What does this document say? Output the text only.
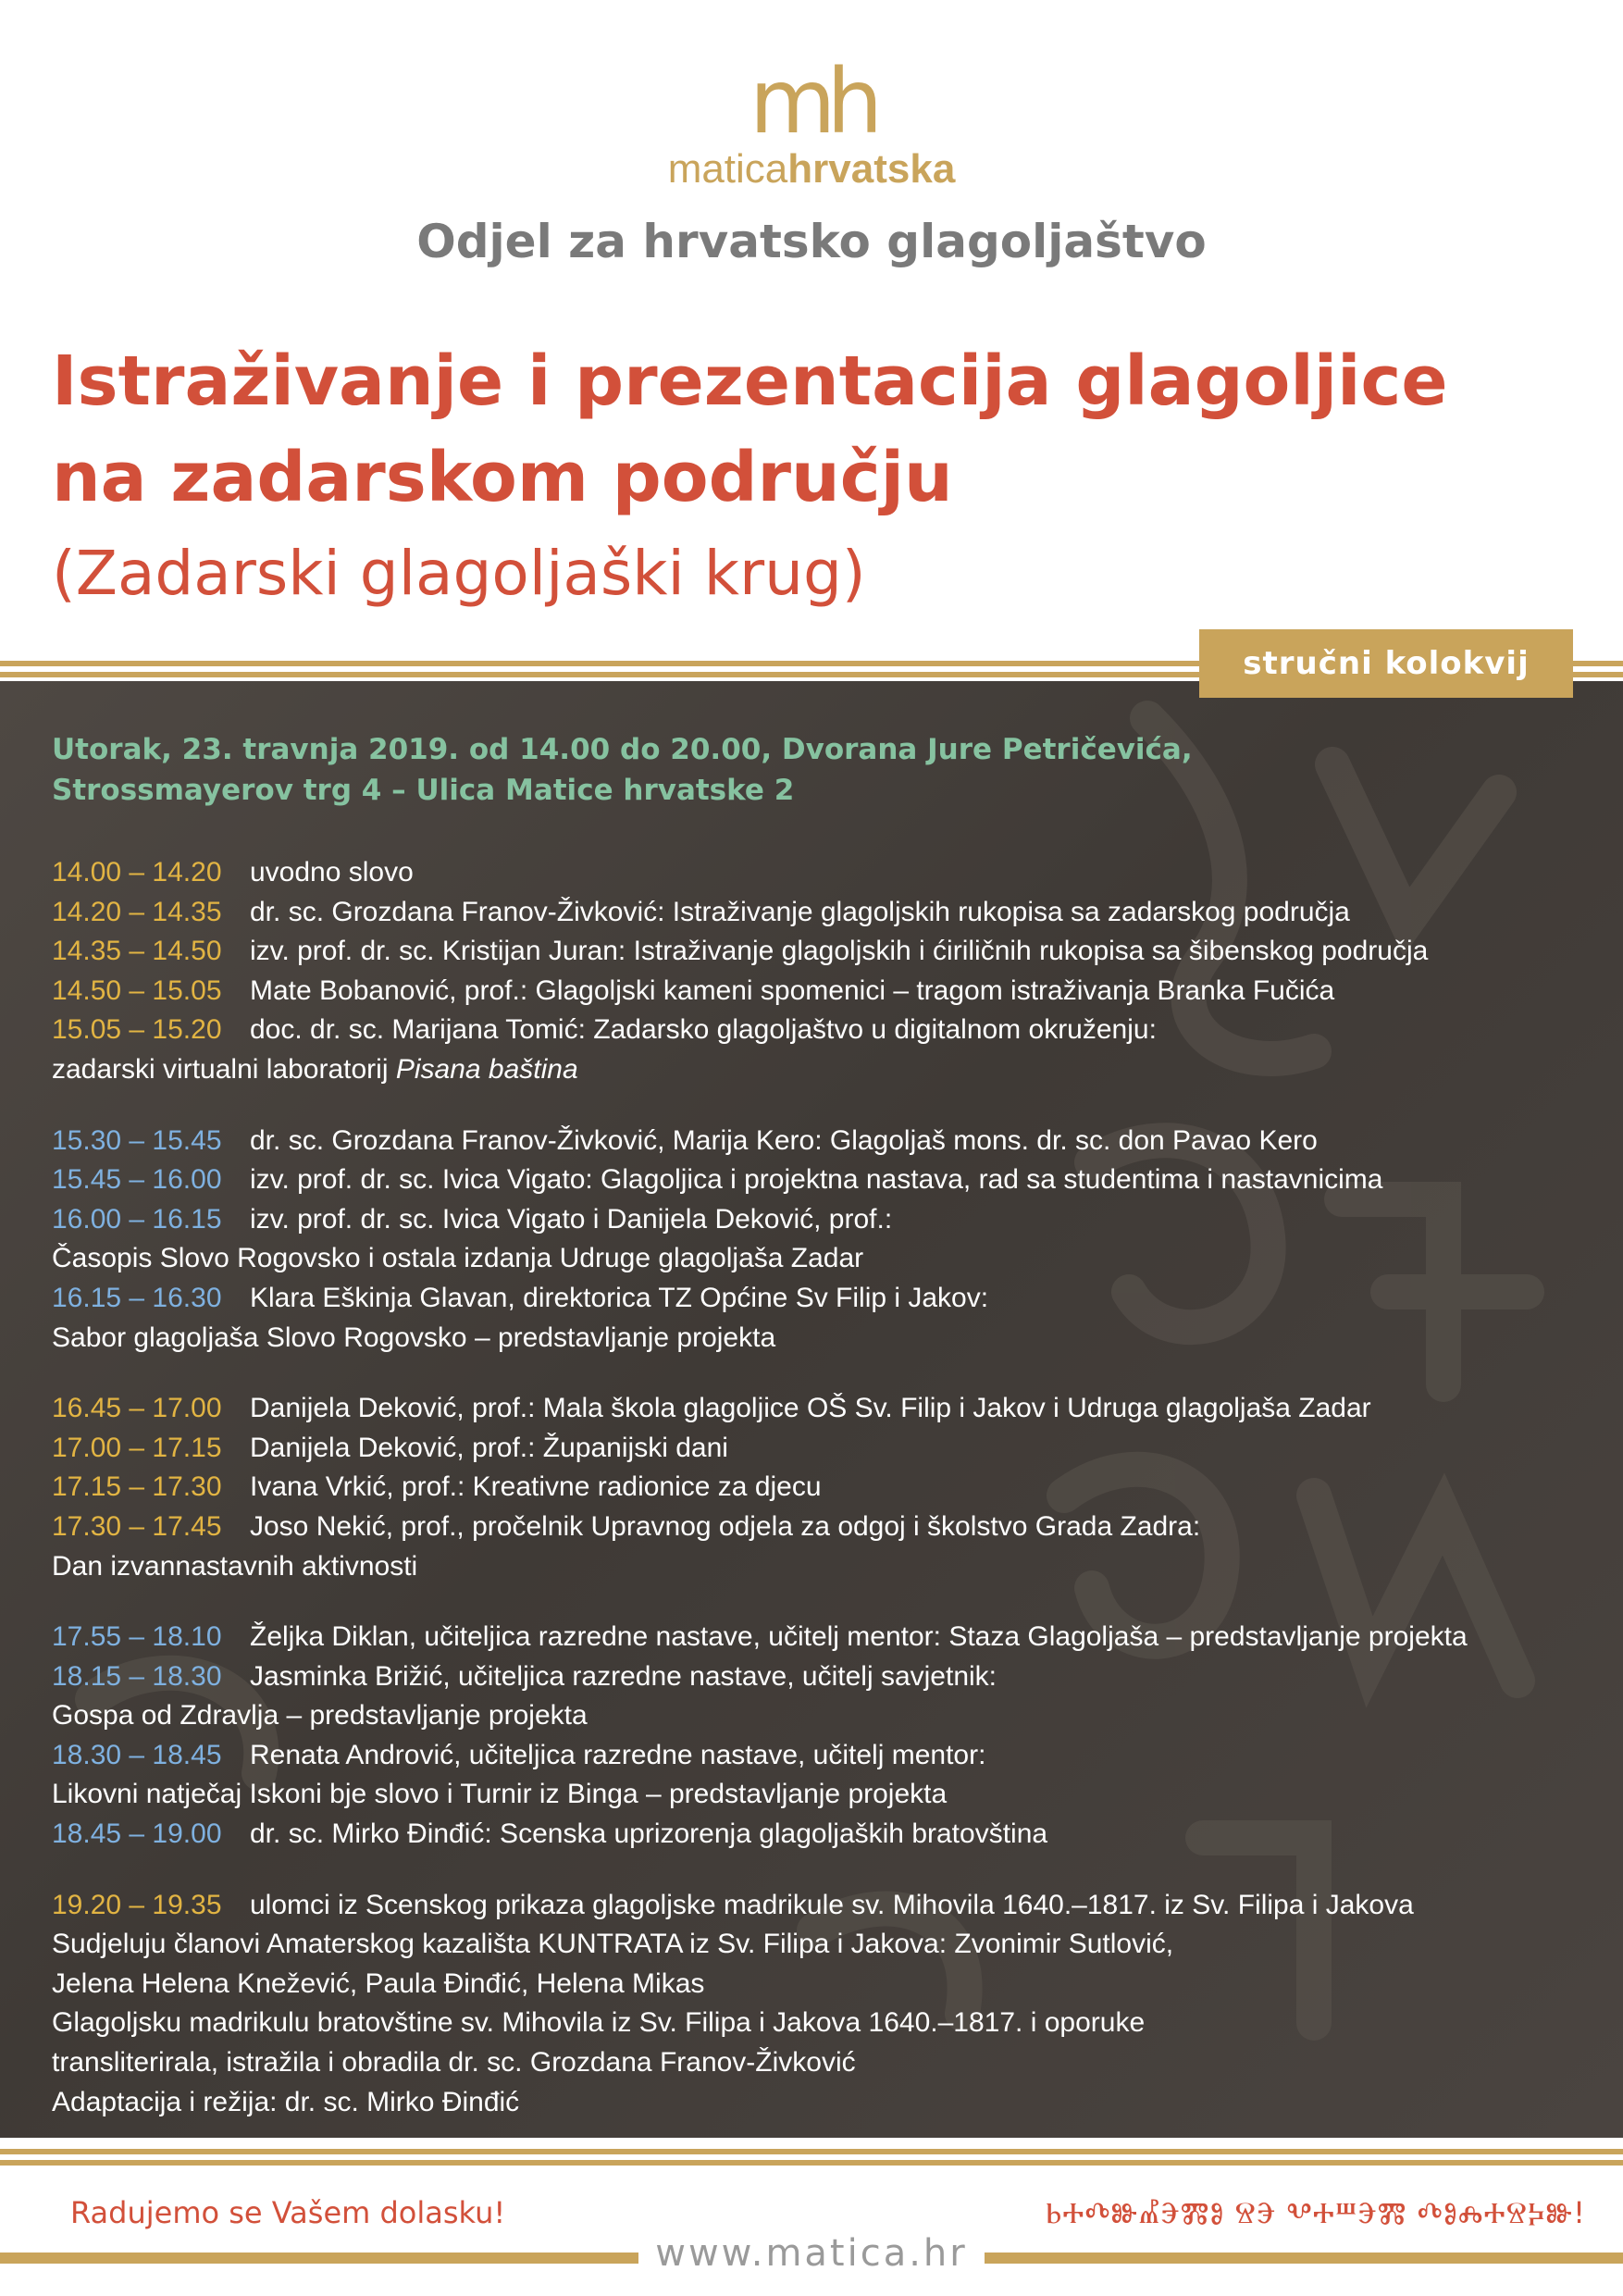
mh
maticahrvatska
Odjel za hrvatsko glagoljaštvo
Istraživanje i prezentacija glagoljice
na zadarskom području
(Zadarski glagoljaški krug)
Utorak, 23. travnja 2019. od 14.00 do 20.00, Dvorana Jure Petričevića,
Strossmayerov trg 4 – Ulica Matice hrvatske 2
14.00 – 14.20 uvodno slovo
14.20 – 14.35 dr. sc. Grozdana Franov-Živković: Istraživanje glagoljskih rukopisa sa zadarskog područja
14.35 – 14.50 izv. prof. dr. sc. Kristijan Juran: Istraživanje glagoljskih i ćiriličnih rukopisa sa šibenskog područja
14.50 – 15.05 Mate Bobanović, prof.: Glagoljski kameni spomenici – tragom istraživanja Branka Fučića
15.05 – 15.20 doc. dr. sc. Marijana Tomić: Zadarsko glagoljaštvo u digitalnom okruženju:
zadarski virtualni laboratorij Pisana baština
15.30 – 15.45 dr. sc. Grozdana Franov-Živković, Marija Kero: Glagoljaš mons. dr. sc. don Pavao Kero
15.45 – 16.00 izv. prof. dr. sc. Ivica Vigato: Glagoljica i projektna nastava, rad sa studentima i nastavnicima
16.00 – 16.15 izv. prof. dr. sc. Ivica Vigato i Danijela Deković, prof.:
Časopis Slovo Rogovsko i ostala izdanja Udruge glagoljaša Zadar
16.15 – 16.30 Klara Eškinja Glavan, direktorica TZ Općine Sv Filip i Jakov:
Sabor glagoljaša Slovo Rogovsko – predstavljanje projekta
16.45 – 17.00 Danijela Deković, prof.: Mala škola glagoljice OŠ Sv. Filip i Jakov i Udruga glagoljaša Zadar
17.00 – 17.15 Danijela Deković, prof.: Županijski dani
17.15 – 17.30 Ivana Vrkić, prof.: Kreativne radionice za djecu
17.30 – 17.45 Joso Nekić, prof., pročelnik Upravnog odjela za odgoj i školstvo Grada Zadra:
Dan izvannastavnih aktivnosti
17.55 – 18.10 Željka Diklan, učiteljica razredne nastave, učitelj mentor: Staza Glagoljaša – predstavljanje projekta
18.15 – 18.30 Jasminka Brižić, učiteljica razredne nastave, učitelj savjetnik:
Gospa od Zdravlja – predstavljanje projekta
18.30 – 18.45 Renata Andrović, učiteljica razredne nastave, učitelj mentor:
Likovni natječaj Iskoni bje slovo i Turnir iz Binga – predstavljanje projekta
18.45 – 19.00 dr. sc. Mirko Đinđić: Scenska uprizorenja glagoljaških bratovština
19.20 – 19.35 ulomci iz Scenskog prikaza glagoljske madrikule sv. Mihovila 1640.–1817. iz Sv. Filipa i Jakova
Sudjeluju članovi Amaterskog kazališta KUNTRATA iz Sv. Filipa i Jakova: Zvonimir Sutlović,
Jelena Helena Knežević, Paula Đinđić, Helena Mikas
Glagoljsku madrikulu bratovštine sv. Mihovila iz Sv. Filipa i Jakova 1640.–1817. i oporuke
transliterirala, istražila i obradila dr. sc. Grozdana Franov-Živković
Adaptacija i režija: dr. sc. Mirko Đinđić
stručni kolokvij
Radujemo se Vašem dolasku!	ⰓⰀⰄⰖⰌⰅⰏⰑ ⰔⰅ ⰂⰀⰞⰅⰏ ⰄⰑⰎⰀⰔⰍⰖ!
www.matica.hr
